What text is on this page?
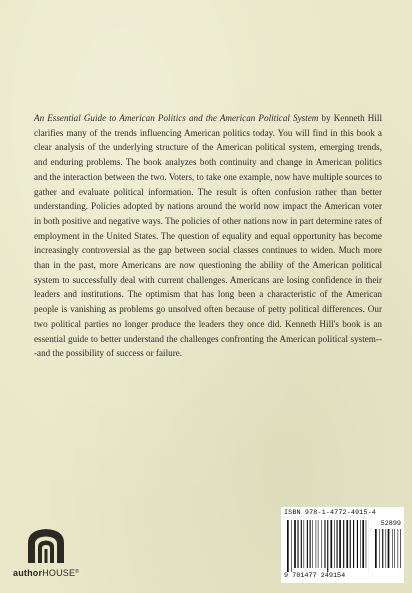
An Essential Guide to American Politics and the American Political System by Kenneth Hill clarifies many of the trends influencing American politics today. You will find in this book a clear analysis of the underlying structure of the American political system, emerging trends, and enduring problems. The book analyzes both continuity and change in American politics and the interaction between the two. Voters, to take one example, now have multiple sources to gather and evaluate political information. The result is often confusion rather than better understanding. Policies adopted by nations around the world now impact the American voter in both positive and negative ways. The policies of other nations now in part determine rates of employment in the United States. The question of equality and equal opportunity has become increasingly controversial as the gap between social classes continues to widen. Much more than in the past, more Americans are now questioning the ability of the American political system to successfully deal with current challenges. Americans are losing confidence in their leaders and institutions. The optimism that has long been a characteristic of the American people is vanishing as problems go unsolved often because of petty political differences. Our two political parties no longer produce the leaders they once did. Kenneth Hill's book is an essential guide to better understand the challenges confronting the American political system---and the possibility of success or failure.
authorHOUSE®
ISBN 978-1-4772-4915-4
52899
9 781477 249154
